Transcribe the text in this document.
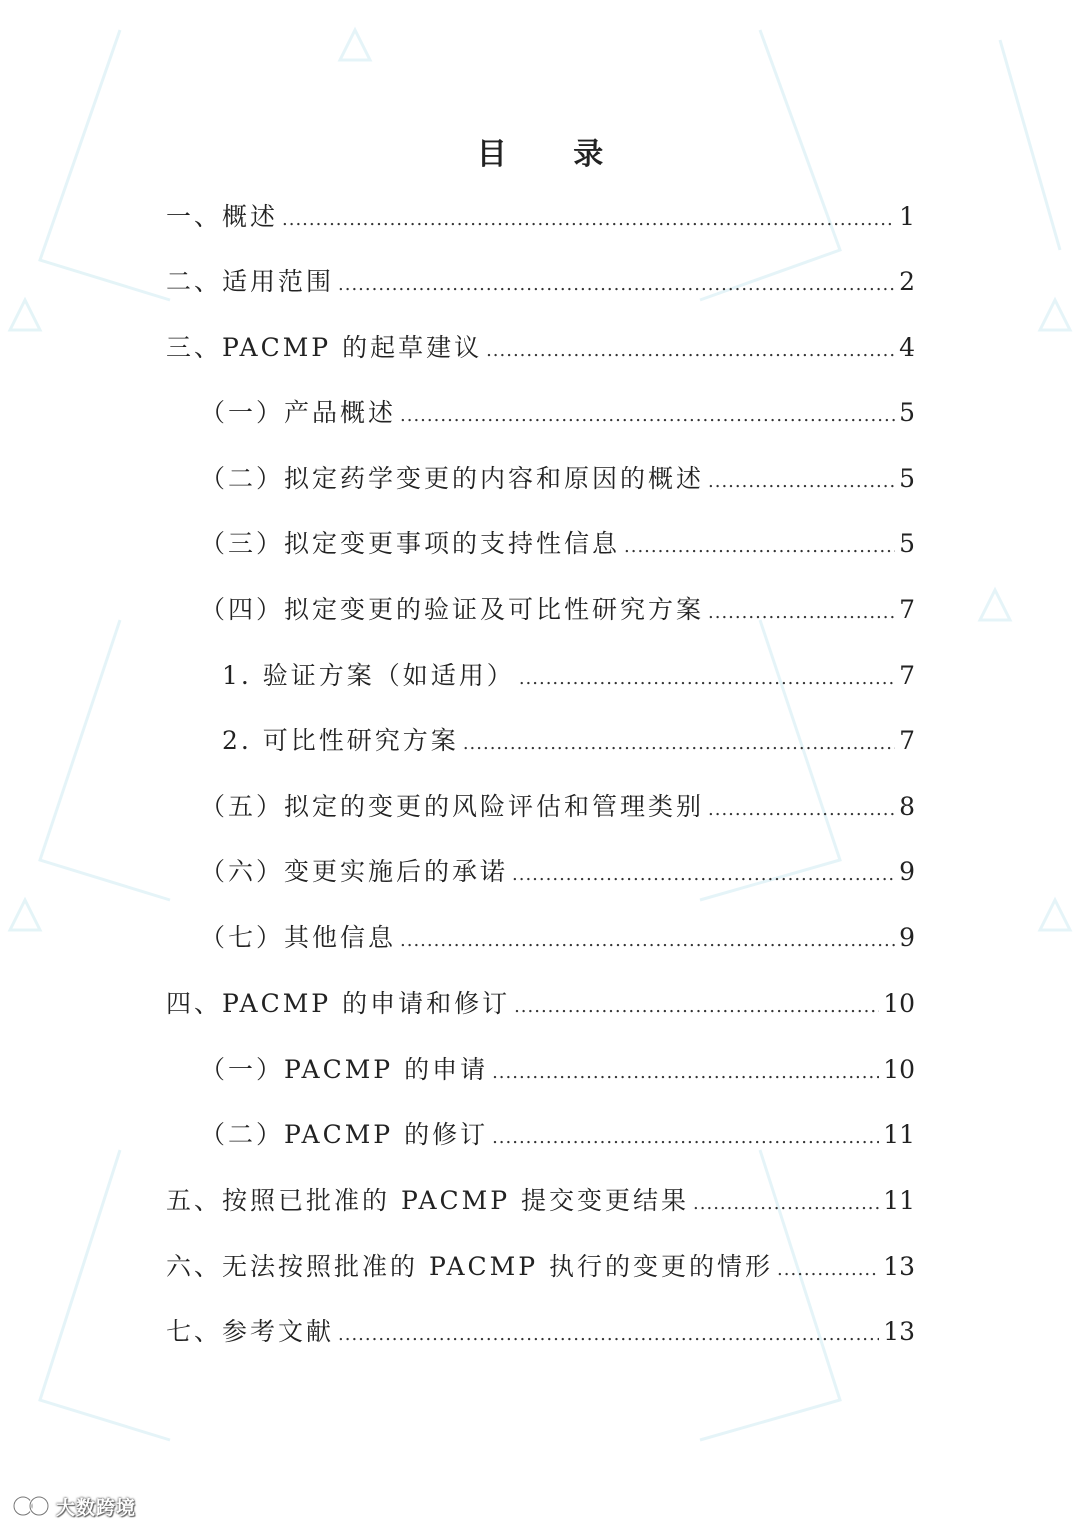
目 录
一、概述 .....	1
二、适用范围 .....	2
三、PACMP 的起草建议 .....	4
（一）产品概述 .....	5
（二）拟定药学变更的内容和原因的概述 .....	5
（三）拟定变更事项的支持性信息 .....	5
（四）拟定变更的验证及可比性研究方案 .....	7
1. 验证方案（如适用） .....	7
2. 可比性研究方案 .....	7
（五）拟定的变更的风险评估和管理类别 .....	8
（六）变更实施后的承诺 .....	9
（七）其他信息 .....	9
四、PACMP 的申请和修订 .....	10
（一）PACMP 的申请 .....	10
（二）PACMP 的修订 .....	11
五、按照已批准的 PACMP 提交变更结果 .....	11
六、无法按照批准的 PACMP 执行的变更的情形 .....	13
七、参考文献 .....	13
大数跨境
